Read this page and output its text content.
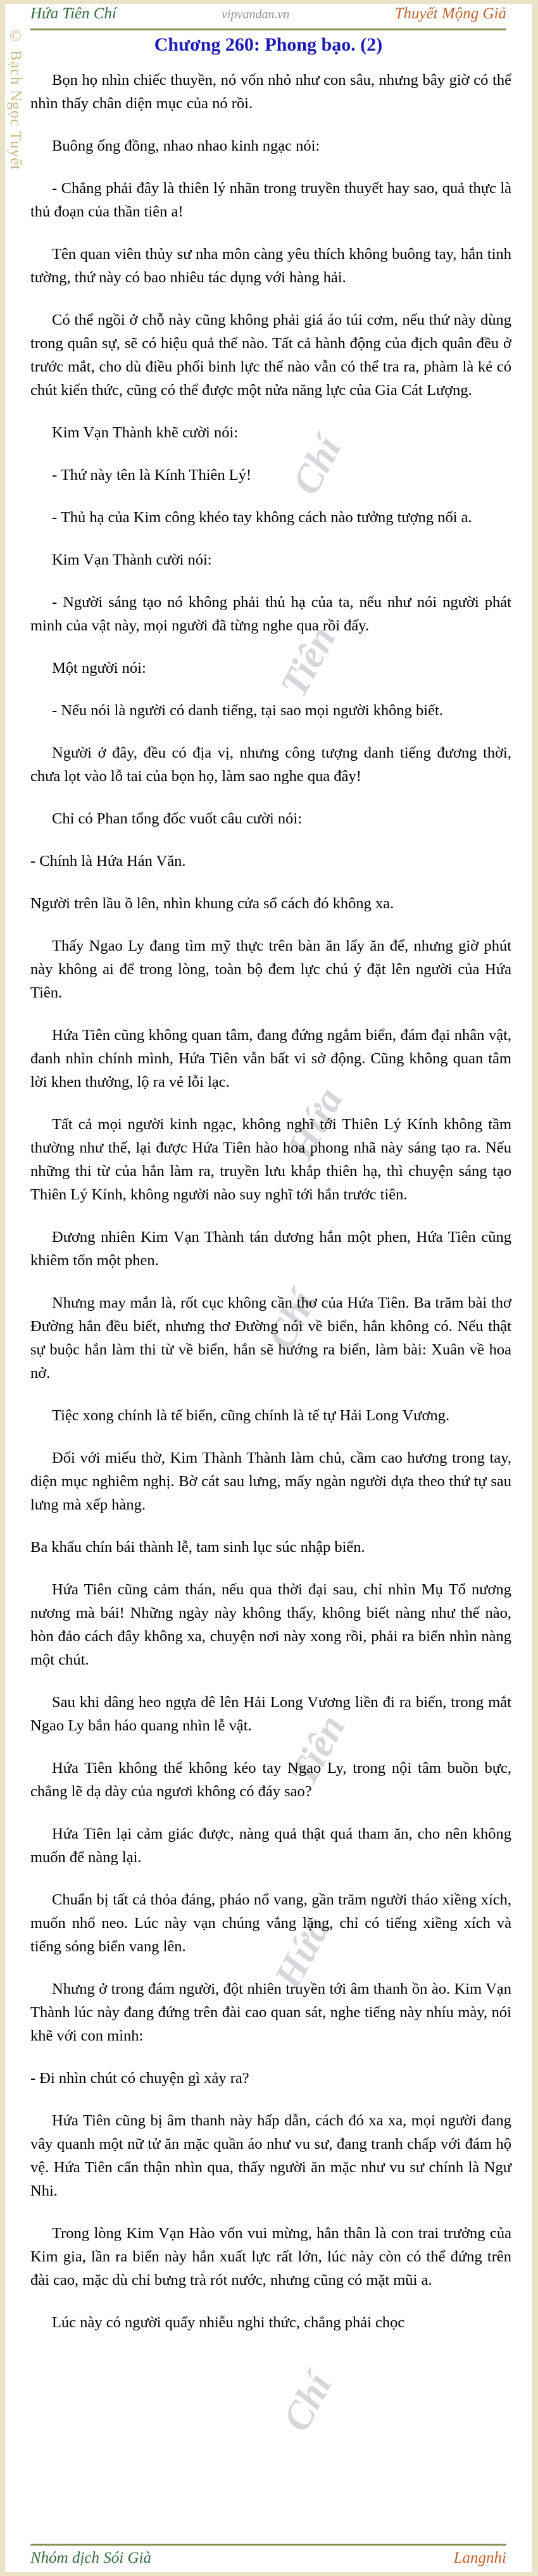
© Bạch Ngọc Tuyết
Hứa Tiên Chí	vipvandan.vn	Thuyết Mộng Giả
Chương 260: Phong bạo. (2)
Chí
Tiên
Hứa
Chí
Tiên
Hứa
Chí

Bọn họ nhìn chiếc thuyền, nó vốn nhỏ như con sâu, nhưng bây giờ có thể nhìn thấy chân diện mục của nó rồi.

Buông ống đồng, nhao nhao kinh ngạc nói:

- Chẳng phải đây là thiên lý nhãn trong truyền thuyết hay sao, quả thực là thủ đoạn của thần tiên a!

Tên quan viên thủy sư nha môn càng yêu thích không buông tay, hắn tinh tường, thứ này có bao nhiêu tác dụng với hàng hải.

Có thể ngồi ở chỗ này cũng không phải giá áo túi cơm, nếu thứ này dùng trong quân sự, sẽ có hiệu quả thế nào. Tất cả hành động của địch quân đều ở trước mắt, cho dù điều phối binh lực thế nào vẫn có thể tra ra, phàm là kẻ có chút kiến thức, cũng có thể được một nửa năng lực của Gia Cát Lượng.

Kim Vạn Thành khẽ cười nói:

- Thứ này tên là Kính Thiên Lý!

- Thủ hạ của Kim công khéo tay không cách nào tưởng tượng nổi a.

Kim Vạn Thành cười nói:

- Người sáng tạo nó không phải thủ hạ của ta, nếu như nói người phát minh của vật này, mọi người đã từng nghe qua rồi đấy.

Một người nói:

- Nếu nói là người có danh tiếng, tại sao mọi người không biết.

Người ở đây, đều có địa vị, nhưng công tượng danh tiếng đương thời, chưa lọt vào lỗ tai của bọn họ, làm sao nghe qua đây!

Chỉ có Phan tổng đốc vuốt câu cười nói:

- Chính là Hứa Hán Văn.

Người trên lầu ồ lên, nhìn khung cửa sổ cách đó không xa.

Thấy Ngao Ly đang tìm mỹ thực trên bàn ăn lấy ăn để, nhưng giờ phút này không ai để trong lòng, toàn bộ đem lực chú ý đặt lên người của Hứa Tiên.

Hứa Tiên cũng không quan tâm, đang đứng ngắm biển, đám đại nhân vật, đanh nhìn chính mình, Hứa Tiên vẫn bất vi sở động. Cũng không quan tâm lời khen thưởng, lộ ra vẻ lỗi lạc.

Tất cả mọi người kinh ngạc, không nghĩ tới Thiên Lý Kính không tầm thường như thế, lại được Hứa Tiên hào hoa phong nhã này sáng tạo ra. Nếu những thi từ của hắn làm ra, truyền lưu khắp thiên hạ, thì chuyện sáng tạo Thiên Lý Kính, không người nào suy nghĩ tới hắn trước tiên.

Đương nhiên Kim Vạn Thành tán dương hắn một phen, Hứa Tiên cũng khiêm tốn một phen.

Nhưng may mắn là, rốt cục không cần thơ của Hứa Tiên. Ba trăm bài thơ Đường hắn đều biết, nhưng thơ Đường nói về biển, hắn không có. Nếu thật sự buộc hắn làm thi từ về biển, hắn sẽ hướng ra biển, làm bài: Xuân về hoa nở.

Tiệc xong chính là tế biển, cũng chính là tế tự Hải Long Vương.

Đối với miếu thờ, Kim Thành Thành làm chủ, cầm cao hương trong tay, diện mục nghiêm nghị. Bờ cát sau lưng, mấy ngàn người dựa theo thứ tự sau lưng mà xếp hàng.

Ba khấu chín bái thành lễ, tam sinh lục súc nhập biển.

Hứa Tiên cũng cảm thán, nếu qua thời đại sau, chỉ nhìn Mụ Tổ nương nương mà bái! Những ngày này không thấy, không biết nàng như thế nào, hòn đảo cách đây không xa, chuyện nơi này xong rồi, phải ra biển nhìn nàng một chút.

Sau khi dâng heo ngựa dê lên Hải Long Vương liền đi ra biển, trong mắt Ngao Ly bắn háo quang nhìn lễ vật.

Hứa Tiên không thể không kéo tay Ngao Ly, trong nội tâm buồn bực, chẳng lẽ dạ dày của ngươi không có đáy sao?

Hứa Tiên lại cảm giác được, nàng quả thật quá tham ăn, cho nên không muốn để nàng lại.

Chuẩn bị tất cả thỏa đáng, pháo nổ vang, gần trăm người tháo xiềng xích, muốn nhổ neo. Lúc này vạn chúng vắng lặng, chỉ có tiếng xiềng xích và tiếng sóng biển vang lên.

Nhưng ở trong đám người, đột nhiên truyền tới âm thanh ồn ào. Kim Vạn Thành lúc này đang đứng trên đài cao quan sát, nghe tiếng này nhíu mày, nói khẽ với con mình:

- Đi nhìn chút có chuyện gì xảy ra?

Hứa Tiên cũng bị âm thanh này hấp dẫn, cách đó xa xa, mọi người đang vây quanh một nữ tử ăn mặc quần áo như vu sư, đang tranh chấp với đám hộ vệ. Hứa Tiên cẩn thận nhìn qua, thấy người ăn mặc như vu sư chính là Ngư Nhi.

Trong lòng Kim Vạn Hào vốn vui mừng, hắn thân là con trai trưởng của Kim gia, lần ra biển này hắn xuất lực rất lớn, lúc này còn có thể đứng trên đài cao, mặc dù chỉ bưng trà rót nước, nhưng cũng có mặt mũi a.

Lúc này có người quấy nhiễu nghi thức, chẳng phải chọc

Nhóm dịch Sói Già	Langnhi
